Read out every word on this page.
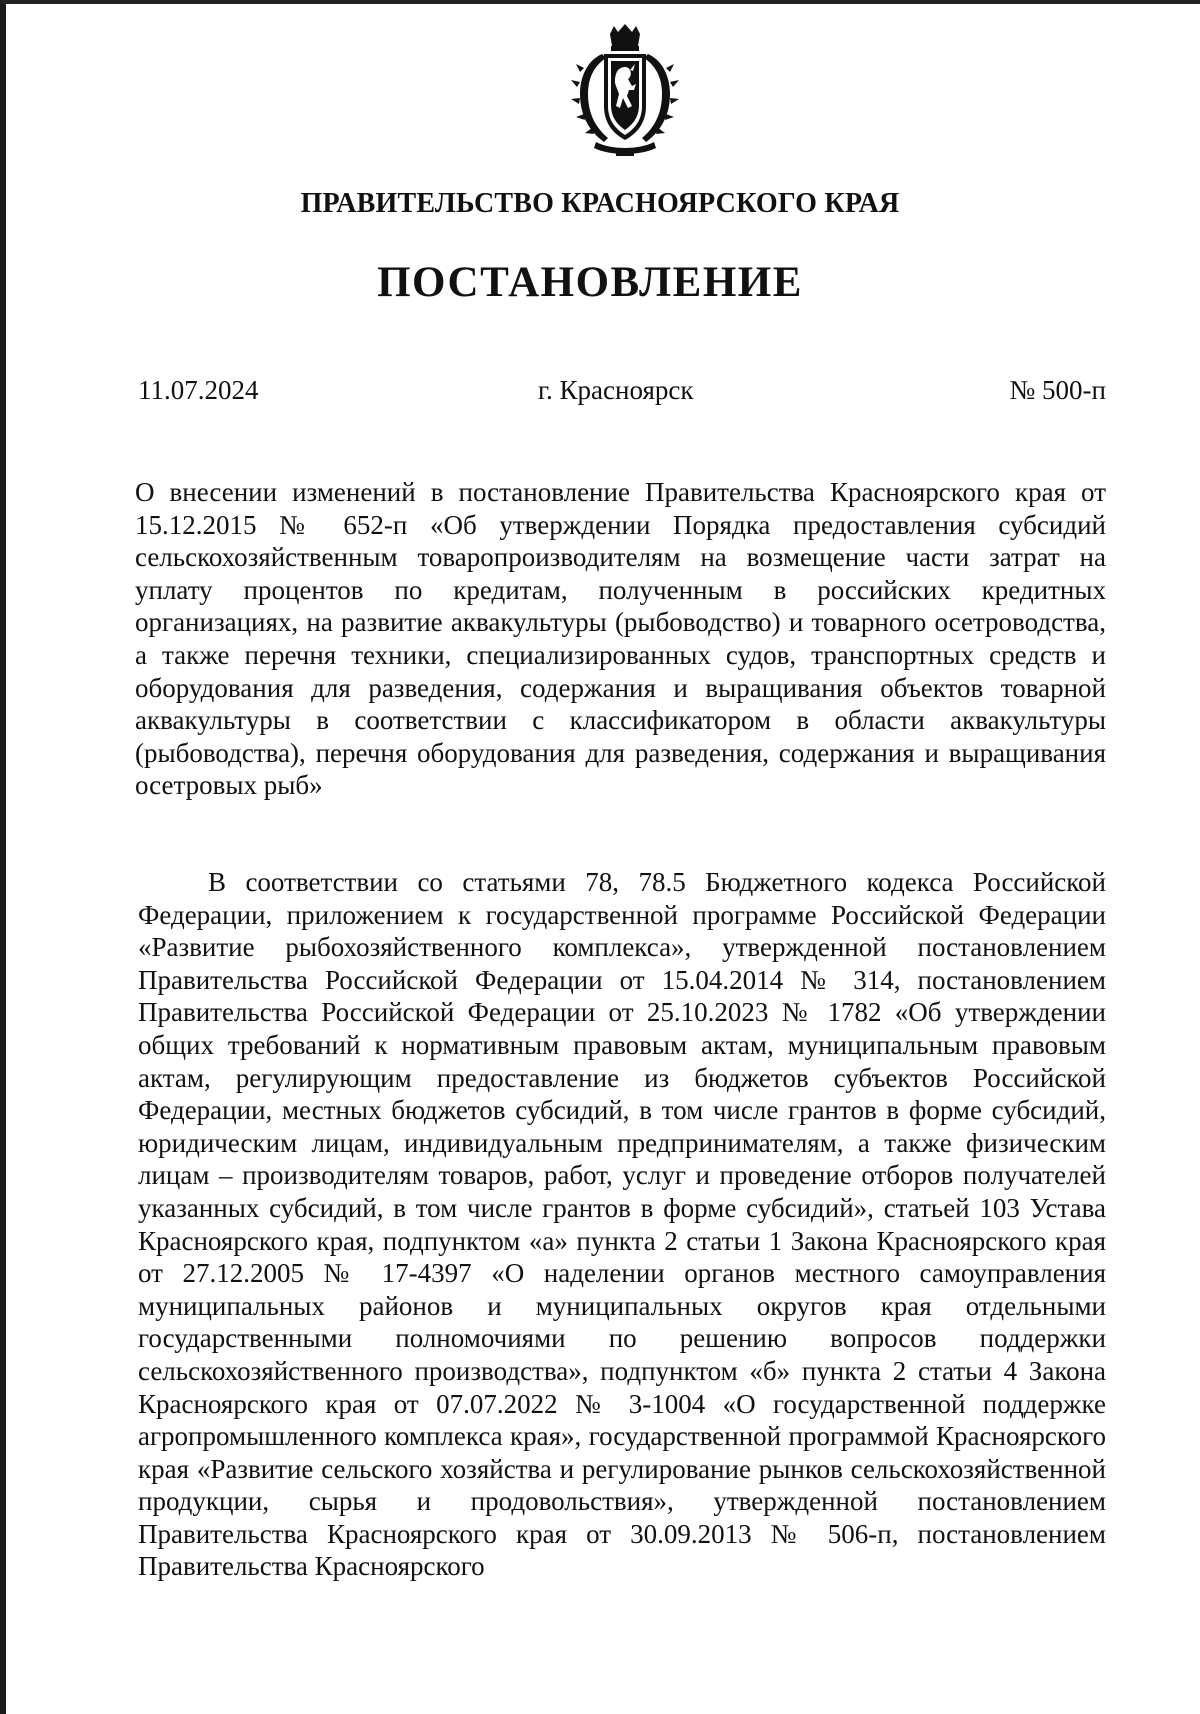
ПРАВИТЕЛЬСТВО КРАСНОЯРСКОГО КРАЯ
ПОСТАНОВЛЕНИЕ
11.07.2024	г. Красноярск	№ 500-п

О внесении изменений в постановление Правительства Красноярского края от 15.12.2015 № 652-п «Об утверждении Порядка предоставления субсидий сельскохозяйственным товаропроизводителям на возмещение части затрат на уплату процентов по кредитам, полученным в российских кредитных организациях, на развитие аквакультуры (рыбоводство) и товарного осетроводства, а также перечня техники, специализированных судов, транспортных средств и оборудования для разведения, содержания и выращивания объектов товарной аквакультуры в соответствии с классификатором в области аквакультуры (рыбоводства), перечня оборудования для разведения, содержания и выращивания осетровых рыб»

В соответствии со статьями 78, 78.5 Бюджетного кодекса Российской Федерации, приложением к государственной программе Российской Федерации «Развитие рыбохозяйственного комплекса», утвержденной постановлением Правительства Российской Федерации от 15.04.2014 № 314, постановлением Правительства Российской Федерации от 25.10.2023 № 1782 «Об утверждении общих требований к нормативным правовым актам, муниципальным правовым актам, регулирующим предоставление из бюджетов субъектов Российской Федерации, местных бюджетов субсидий, в том числе грантов в форме субсидий, юридическим лицам, индивидуальным предпринимателям, а также физическим лицам – производителям товаров, работ, услуг и проведение отборов получателей указанных субсидий, в том числе грантов в форме субсидий», статьей 103 Устава Красноярского края, подпунктом «а» пункта 2 статьи 1 Закона Красноярского края от 27.12.2005 № 17-4397 «О наделении органов местного самоуправления муниципальных районов и муниципальных округов края отдельными государственными полномочиями по решению вопросов поддержки сельскохозяйственного производства», подпунктом «б» пункта 2 статьи 4 Закона Красноярского края от 07.07.2022 № 3-1004 «О государственной поддержке агропромышленного комплекса края», государственной программой Красноярского края «Развитие сельского хозяйства и регулирование рынков сельскохозяйственной продукции, сырья и продовольствия», утвержденной постановлением Правительства Красноярского края от 30.09.2013 № 506-п, постановлением Правительства Красноярского
